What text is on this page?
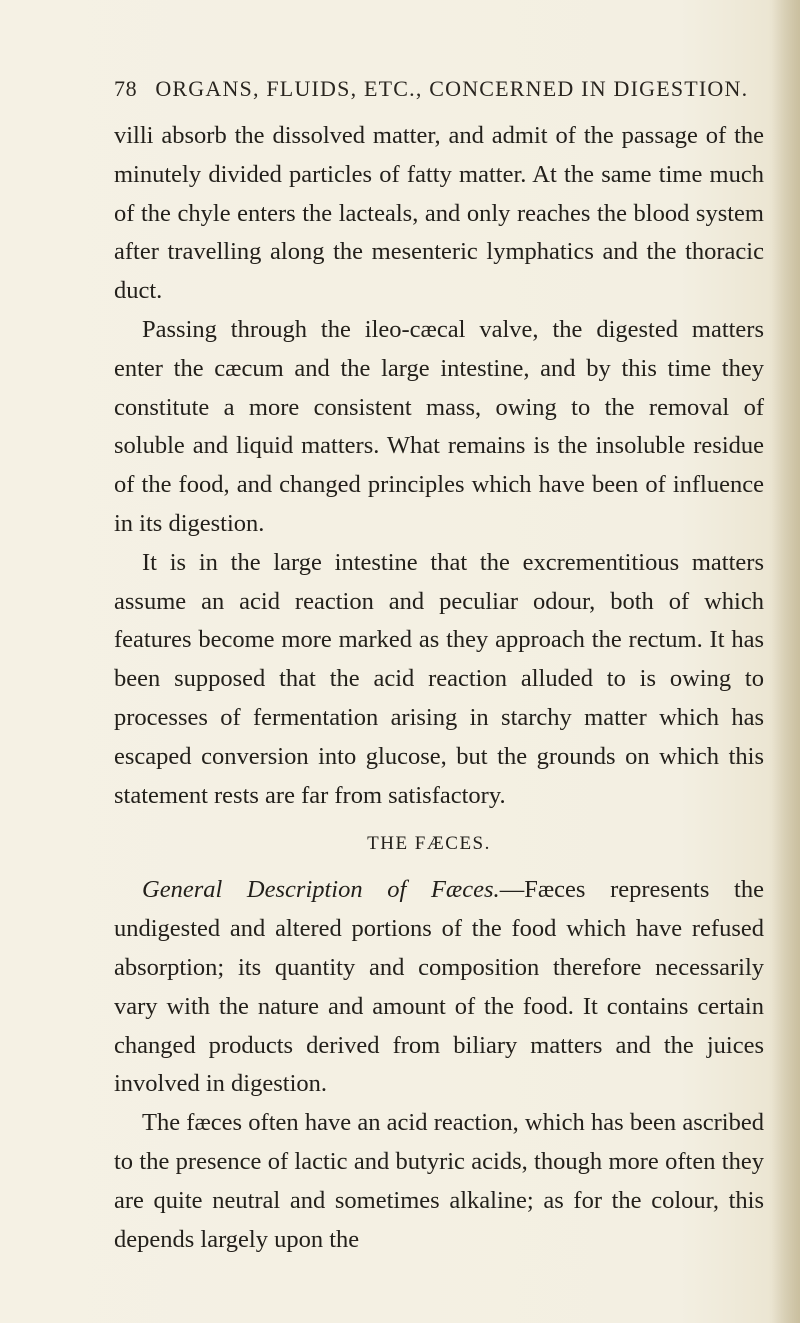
78 ORGANS, FLUIDS, ETC., CONCERNED IN DIGESTION.

villi absorb the dissolved matter, and admit of the passage of the minutely divided particles of fatty matter. At the same time much of the chyle enters the lacteals, and only reaches the blood system after travelling along the mesenteric lymphatics and the thoracic duct.

Passing through the ileo-cæcal valve, the digested matters enter the cæcum and the large intestine, and by this time they constitute a more consistent mass, owing to the removal of soluble and liquid matters. What remains is the insoluble residue of the food, and changed principles which have been of influence in its digestion.

It is in the large intestine that the excrementitious matters assume an acid reaction and peculiar odour, both of which features become more marked as they approach the rectum. It has been supposed that the acid reaction alluded to is owing to processes of fermentation arising in starchy matter which has escaped conversion into glucose, but the grounds on which this statement rests are far from satisfactory.

THE FÆCES.

General Description of Fæces.—Fæces represents the undigested and altered portions of the food which have refused absorption; its quantity and composition therefore necessarily vary with the nature and amount of the food. It contains certain changed products derived from biliary matters and the juices involved in digestion.

The fæces often have an acid reaction, which has been ascribed to the presence of lactic and butyric acids, though more often they are quite neutral and sometimes alkaline; as for the colour, this depends largely upon the
